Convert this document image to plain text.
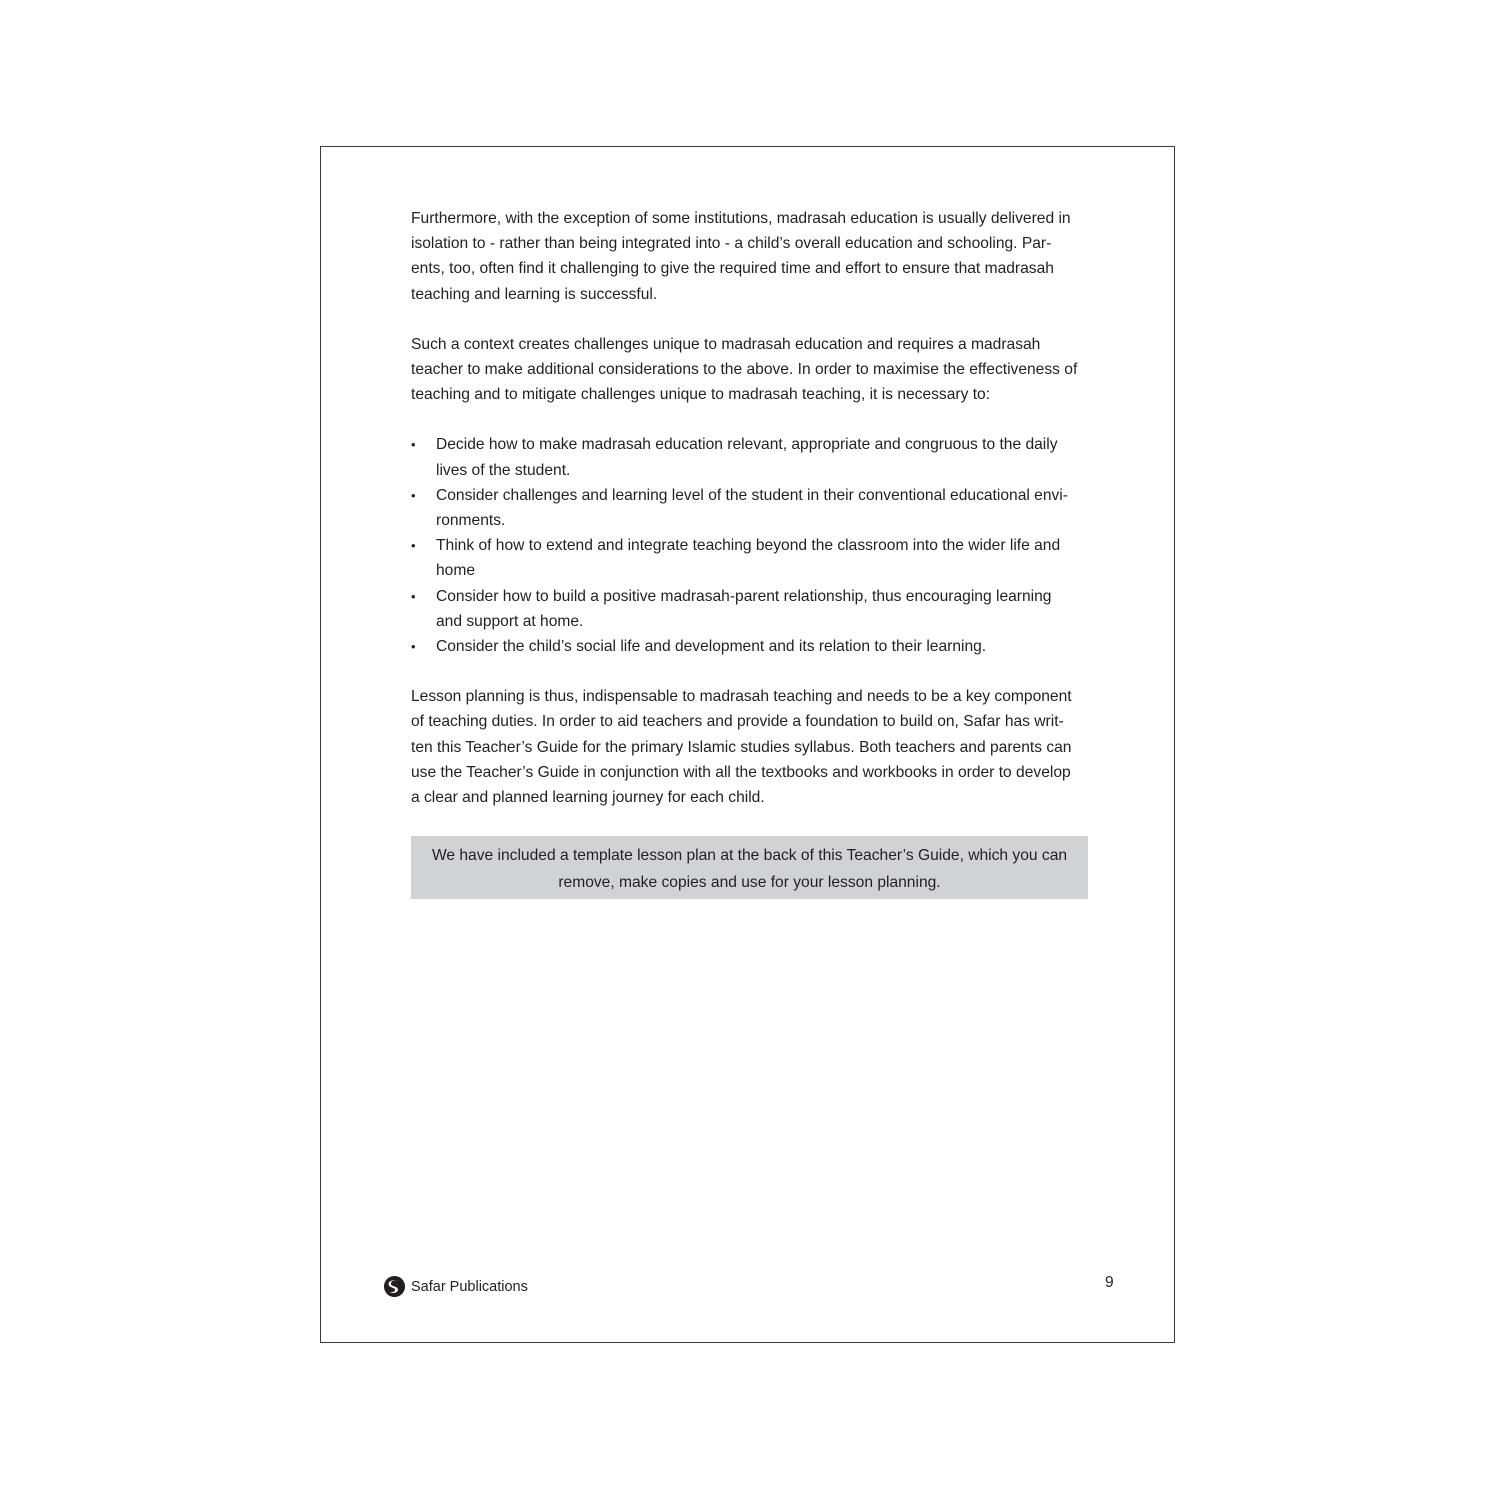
Furthermore, with the exception of some institutions, madrasah education is usually delivered in
isolation to - rather than being integrated into - a child’s overall education and schooling. Par-
ents, too, often find it challenging to give the required time and effort to ensure that madrasah
teaching and learning is successful.

Such a context creates challenges unique to madrasah education and requires a madrasah
teacher to make additional considerations to the above. In order to maximise the effectiveness of
teaching and to mitigate challenges unique to madrasah teaching, it is necessary to:

• Decide how to make madrasah education relevant, appropriate and congruous to the daily
lives of the student.
• Consider challenges and learning level of the student in their conventional educational envi-
ronments.
• Think of how to extend and integrate teaching beyond the classroom into the wider life and
home
• Consider how to build a positive madrasah-parent relationship, thus encouraging learning
and support at home.
• Consider the child’s social life and development and its relation to their learning.

Lesson planning is thus, indispensable to madrasah teaching and needs to be a key component
of teaching duties. In order to aid teachers and provide a foundation to build on, Safar has writ-
ten this Teacher’s Guide for the primary Islamic studies syllabus. Both teachers and parents can
use the Teacher’s Guide in conjunction with all the textbooks and workbooks in order to develop
a clear and planned learning journey for each child.

We have included a template lesson plan at the back of this Teacher’s Guide, which you can
remove, make copies and use for your lesson planning.
Safar Publications	9
